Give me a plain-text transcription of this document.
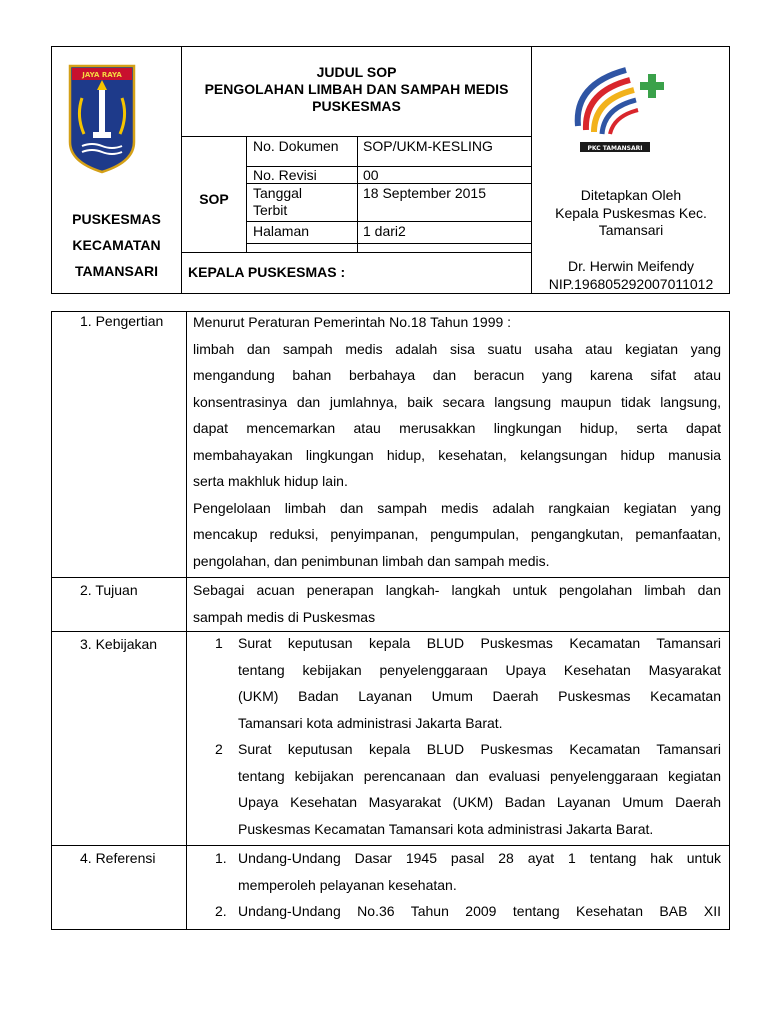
JAYA RAYA
PUSKESMAS
KECAMATAN
TAMANSARI
JUDUL SOP
PENGOLAHAN LIMBAH DAN SAMPAH MEDIS
PUSKESMAS
SOP
No. Dokumen SOP/UKM-KESLING
No. Revisi	00
Tanggal
Terbit
18 September 2015
Halaman	1 dari2
KEPALA PUSKESMAS :
PKC TAMANSARI
Ditetapkan Oleh
Kepala Puskesmas Kec.
Tamansari
Dr. Herwin Meifendy
NIP.196805292007011012
1. Pengertian
2. Tujuan
3. Kebijakan
4. Referensi
Menurut Peraturan Pemerintah No.18 Tahun 1999 :
limbah dan sampah medis adalah sisa suatu usaha atau kegiatan yang
mengandung bahan berbahaya dan beracun yang karena sifat atau
konsentrasinya dan jumlahnya, baik secara langsung maupun tidak langsung,
dapat mencemarkan atau merusakkan lingkungan hidup, serta dapat
membahayakan lingkungan hidup, kesehatan, kelangsungan hidup manusia
serta makhluk hidup lain.
Pengelolaan limbah dan sampah medis adalah rangkaian kegiatan yang
mencakup reduksi, penyimpanan, pengumpulan, pengangkutan, pemanfaatan,
pengolahan, dan penimbunan limbah dan sampah medis.
Sebagai acuan penerapan langkah- langkah untuk pengolahan limbah dan
sampah medis di Puskesmas
1 Surat keputusan kepala BLUD Puskesmas Kecamatan Tamansari
tentang kebijakan penyelenggaraan Upaya Kesehatan Masyarakat
(UKM) Badan Layanan Umum Daerah Puskesmas Kecamatan
Tamansari kota administrasi Jakarta Barat.
2 Surat keputusan kepala BLUD Puskesmas Kecamatan Tamansari
tentang kebijakan perencanaan dan evaluasi penyelenggaraan kegiatan
Upaya Kesehatan Masyarakat (UKM) Badan Layanan Umum Daerah
Puskesmas Kecamatan Tamansari kota administrasi Jakarta Barat.
1. Undang-Undang Dasar 1945 pasal 28 ayat 1 tentang hak untuk
memperoleh pelayanan kesehatan.
2. Undang-Undang No.36 Tahun 2009 tentang Kesehatan BAB XII
